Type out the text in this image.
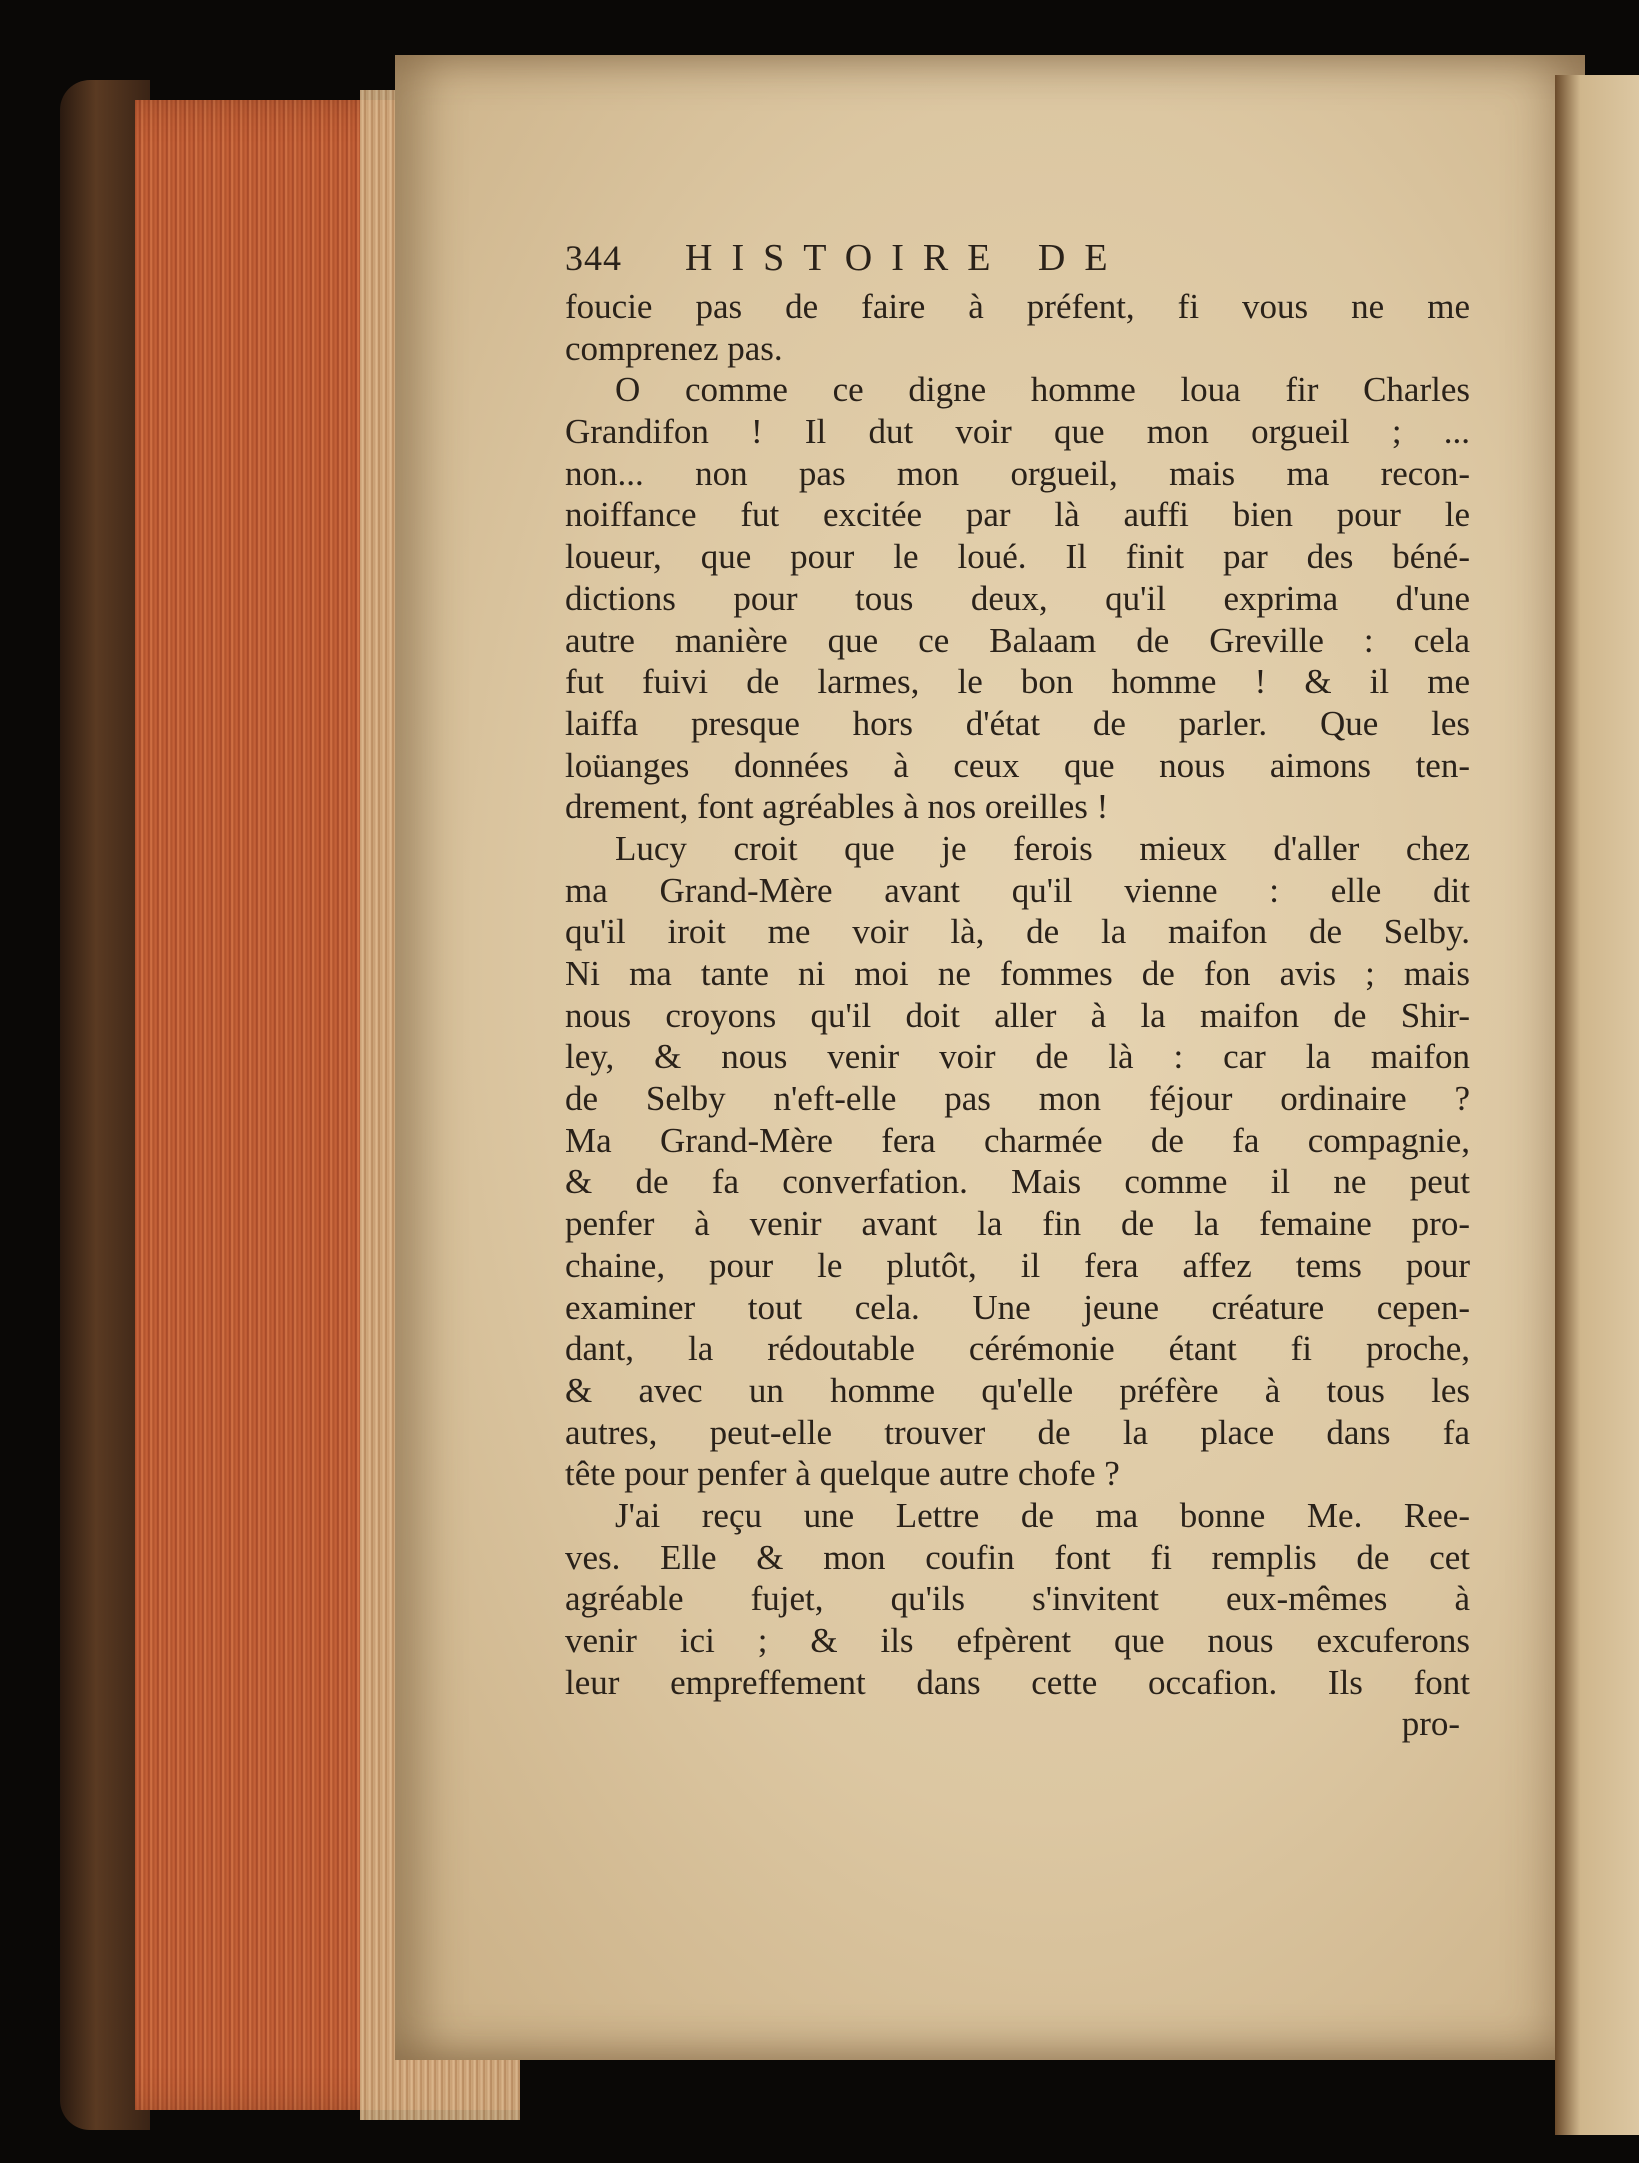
344	HISTOIRE DE
foucie pas de faire à préfent, fi vous ne me
comprenez pas.
O comme ce digne homme loua fir Charles
Grandifon ! Il dut voir que mon orgueil ; ...
non... non pas mon orgueil, mais ma recon-
noiffance fut excitée par là auffi bien pour le
loueur, que pour le loué. Il finit par des béné-
dictions pour tous deux, qu'il exprima d'une
autre manière que ce Balaam de Greville : cela
fut fuivi de larmes, le bon homme ! & il me
laiffa presque hors d'état de parler. Que les
loüanges données à ceux que nous aimons ten-
drement, font agréables à nos oreilles !
Lucy croit que je ferois mieux d'aller chez
ma Grand-Mère avant qu'il vienne : elle dit
qu'il iroit me voir là, de la maifon de Selby.
Ni ma tante ni moi ne fommes de fon avis ; mais
nous croyons qu'il doit aller à la maifon de Shir-
ley, & nous venir voir de là : car la maifon
de Selby n'eft-elle pas mon féjour ordinaire ?
Ma Grand-Mère fera charmée de fa compagnie,
& de fa converfation. Mais comme il ne peut
penfer à venir avant la fin de la femaine pro-
chaine, pour le plutôt, il fera affez tems pour
examiner tout cela. Une jeune créature cepen-
dant, la rédoutable cérémonie étant fi proche,
& avec un homme qu'elle préfère à tous les
autres, peut-elle trouver de la place dans fa
tête pour penfer à quelque autre chofe ?
J'ai reçu une Lettre de ma bonne Me. Ree-
ves. Elle & mon coufin font fi remplis de cet
agréable fujet, qu'ils s'invitent eux-mêmes à
venir ici ; & ils efpèrent que nous excuferons
leur empreffement dans cette occafion. Ils font
pro-
